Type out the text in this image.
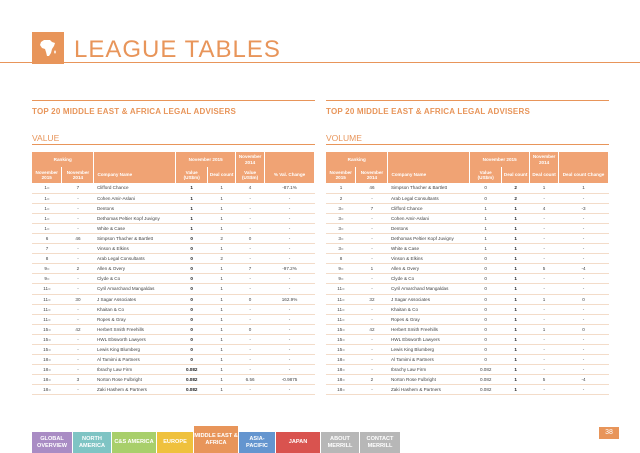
LEAGUE TABLES
TOP 20 MIDDLE EAST & AFRICA LEGAL ADVISERS
VALUE
Ranking			November 2015		November 2014	
November 2015	November 2014	Company Name	Value (US$m)	Deal count	Value (US$m)	% Val. Change
1=	7	Clifford Chance	1	1	4	-87.1%
1=	-	Cohen Amir-Aslani	1	1	-	-
1=	-	Dentons	1	1	-	-
1=	-	Dethomas Peltier Kopf Juvigny	1	1	-	-
1=	-	White & Case	1	1	-	-
6	46	Simpson Thacher & Bartlett	0	2	0	-
7	-	Vinson & Elkins	0	1	-	-
8	-	Arab Legal Consultants	0	2	-	-
9=	2	Allen & Overy	0	1	7	-97.2%
9=	-	Clyde & Co	0	1	-	-
11=	-	Cyril Amarchand Mangaldas	0	1	-	-
11=	30	J Sagar Associates	0	1	0	162.9%
11=	-	Khaitan & Co	0	1	-	-
11=	-	Ropes & Gray	0	1	-	-
15=	42	Herbert Smith Freehills	0	1	0	-
15=	-	HWL Ebsworth Lawyers	0	1	-	-
15=	-	Lewis King Blumberg	0	1	-	-
18=	-	Al Tamimi & Partners	0	1	-	-
18=	-	Ibrachy Law Firm	0.082	1	-	-
18=	3	Norton Rose Fulbright	0.082	1	6.56	-0.9875
18=	-	Zaki Hashem & Partners	0.082	1	-	-
TOP 20 MIDDLE EAST & AFRICA LEGAL ADVISERS
VOLUME
Ranking			November 2015		November 2014	
November 2015	November 2014	Company Name	Value (US$m)	Deal count	Deal count	Deal count Change
1	46	Simpson Thacher & Bartlett	0	2	1	1
2	-	Arab Legal Consultants	0	2	-	-
3=	7	Clifford Chance	1	1	4	-3
3=	-	Cohen Amir-Aslani	1	1	-	-
3=	-	Dentons	1	1	-	-
3=	-	Dethomas Peltier Kopf Juvigny	1	1	-	-
3=	-	White & Case	1	1	-	-
8	-	Vinson & Elkins	0	1	-	-
9=	1	Allen & Overy	0	1	5	-4
9=	-	Clyde & Co	0	1	-	-
11=	-	Cyril Amarchand Mangaldas	0	1	-	-
11=	32	J Sagar Associates	0	1	1	0
11=	-	Khaitan & Co	0	1	-	-
11=	-	Ropes & Gray	0	1	-	-
15=	42	Herbert Smith Freehills	0	1	1	0
15=	-	HWL Ebsworth Lawyers	0	1	-	-
15=	-	Lewis King Blumberg	0	1	-	-
18=	-	Al Tamimi & Partners	0	1	-	-
18=	-	Ibrachy Law Firm	0.082	1	-	-
18=	2	Norton Rose Fulbright	0.082	1	5	-4
18=	-	Zaki Hashem & Partners	0.082	1	-	-
GLOBAL OVERVIEW
NORTH AMERICA
C&S AMERICA	EUROPE
MIDDLE EAST & AFRICA
ASIA-PACIFIC
JAPAN
ABOUT MERRILL
CONTACT MERRILL
38
